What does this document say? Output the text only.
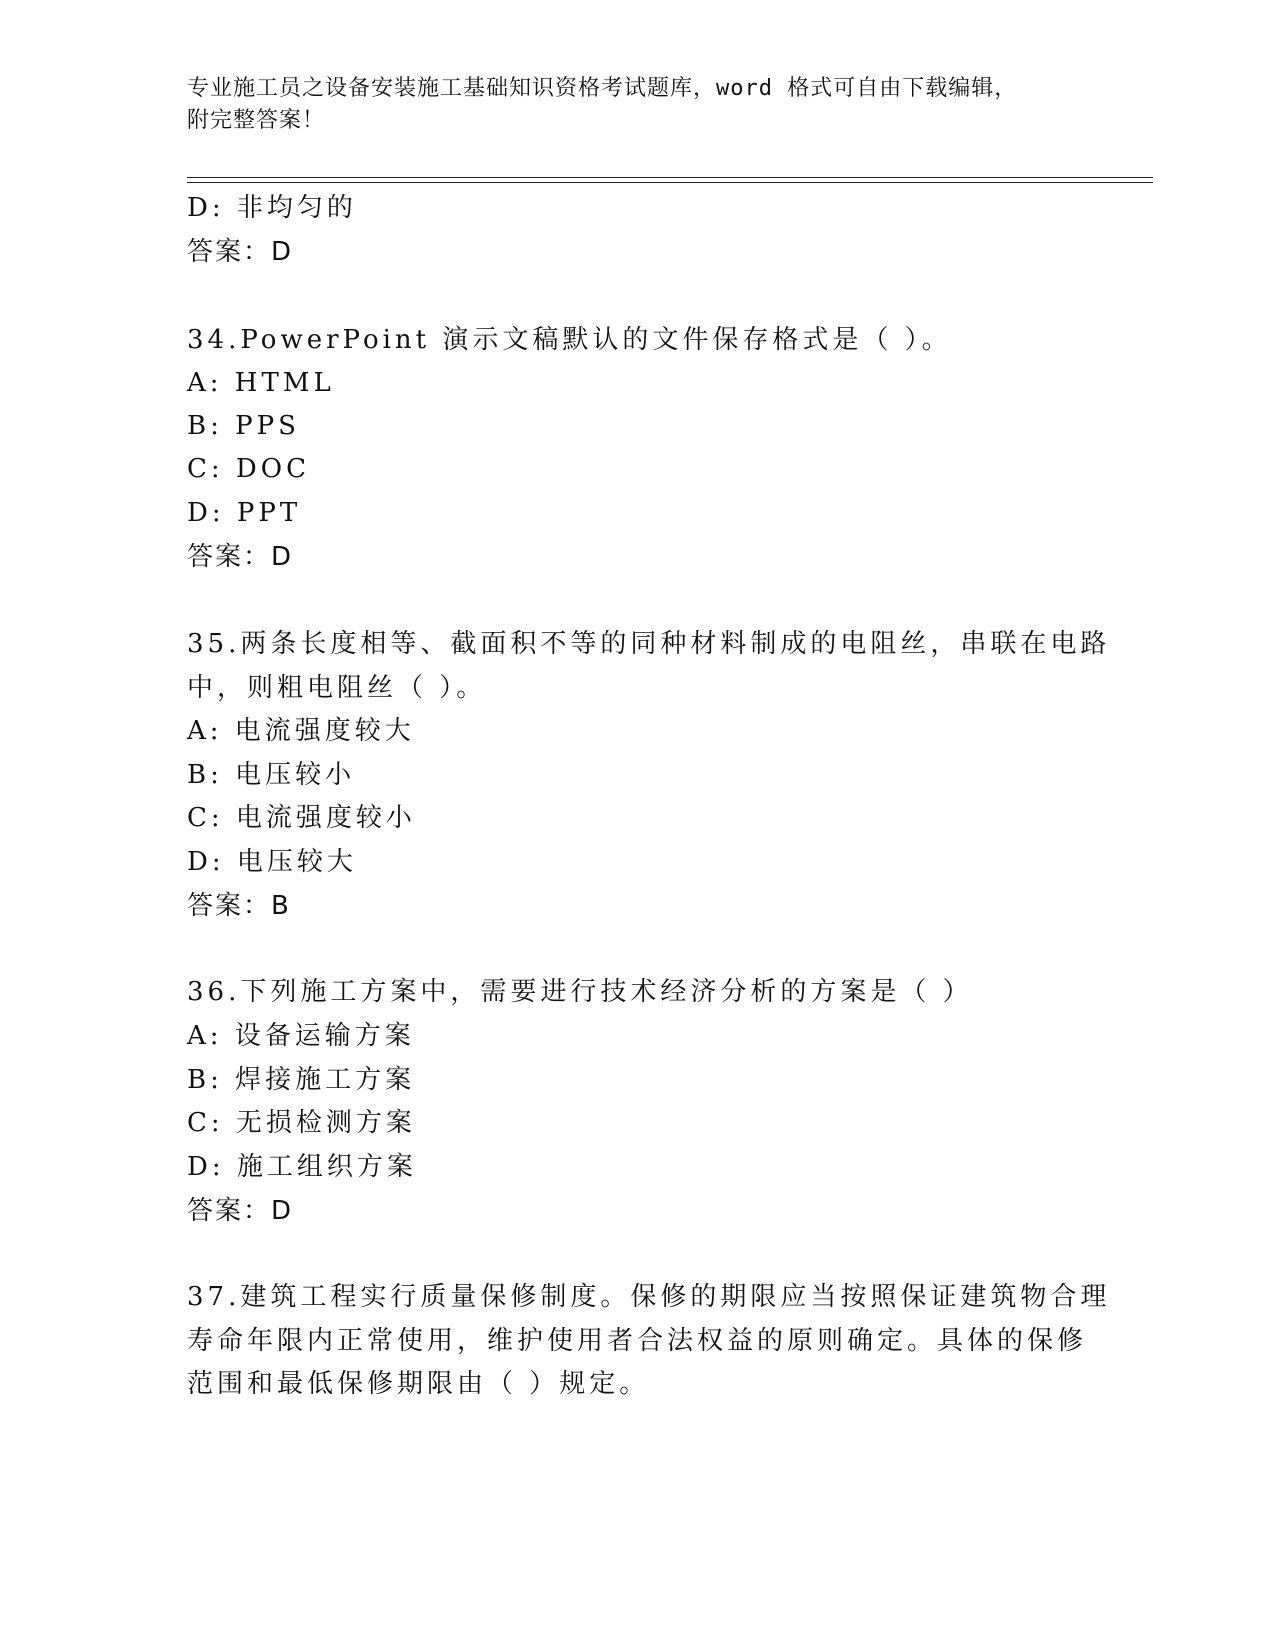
专业施工员之设备安装施工基础知识资格考试题库，word 格式可自由下载编辑，
附完整答案！
D: 非均匀的
答案：D
34.PowerPoint 演示文稿默认的文件保存格式是（ ）。
A: HTML
B: PPS
C: DOC
D: PPT
答案：D
35.两条长度相等、截面积不等的同种材料制成的电阻丝，串联在电路
中，则粗电阻丝（ ）。
A: 电流强度较大
B: 电压较小
C: 电流强度较小
D: 电压较大
答案：B
36.下列施工方案中，需要进行技术经济分析的方案是（ ）
A: 设备运输方案
B: 焊接施工方案
C: 无损检测方案
D: 施工组织方案
答案：D
37.建筑工程实行质量保修制度。保修的期限应当按照保证建筑物合理
寿命年限内正常使用，维护使用者合法权益的原则确定。具体的保修
范围和最低保修期限由（ ）规定。
